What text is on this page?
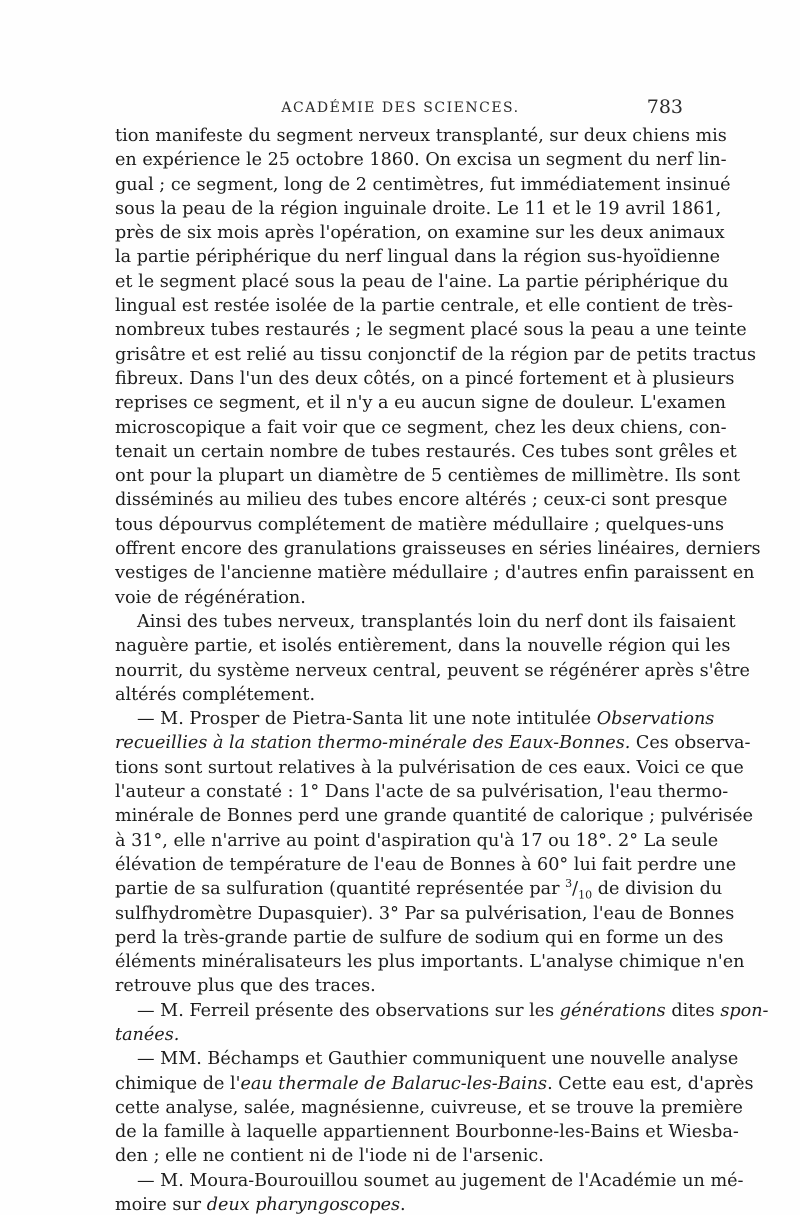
ACADÉMIE DES SCIENCES.	783
tion manifeste du segment nerveux transplanté, sur deux chiens mis
en expérience le 25 octobre 1860. On excisa un segment du nerf lin-
gual ; ce segment, long de 2 centimètres, fut immédiatement insinué
sous la peau de la région inguinale droite. Le 11 et le 19 avril 1861,
près de six mois après l'opération, on examine sur les deux animaux
la partie périphérique du nerf lingual dans la région sus-hyoïdienne
et le segment placé sous la peau de l'aine. La partie périphérique du
lingual est restée isolée de la partie centrale, et elle contient de très-
nombreux tubes restaurés ; le segment placé sous la peau a une teinte
grisâtre et est relié au tissu conjonctif de la région par de petits tractus
fibreux. Dans l'un des deux côtés, on a pincé fortement et à plusieurs
reprises ce segment, et il n'y a eu aucun signe de douleur. L'examen
microscopique a fait voir que ce segment, chez les deux chiens, con-
tenait un certain nombre de tubes restaurés. Ces tubes sont grêles et
ont pour la plupart un diamètre de 5 centièmes de millimètre. Ils sont
disséminés au milieu des tubes encore altérés ; ceux-ci sont presque
tous dépourvus complétement de matière médullaire ; quelques-uns
offrent encore des granulations graisseuses en séries linéaires, derniers
vestiges de l'ancienne matière médullaire ; d'autres enfin paraissent en
voie de régénération.
Ainsi des tubes nerveux, transplantés loin du nerf dont ils faisaient
naguère partie, et isolés entièrement, dans la nouvelle région qui les
nourrit, du système nerveux central, peuvent se régénérer après s'être
altérés complétement.
— M. Prosper de Pietra-Santa lit une note intitulée Observations
recueillies à la station thermo-minérale des Eaux-Bonnes. Ces observa-
tions sont surtout relatives à la pulvérisation de ces eaux. Voici ce que
l'auteur a constaté : 1° Dans l'acte de sa pulvérisation, l'eau thermo-
minérale de Bonnes perd une grande quantité de calorique ; pulvérisée
à 31°, elle n'arrive au point d'aspiration qu'à 17 ou 18°. 2° La seule
élévation de température de l'eau de Bonnes à 60° lui fait perdre une
partie de sa sulfuration (quantité représentée par $^3/_{10}$ de division du
sulfhydromètre Dupasquier). 3° Par sa pulvérisation, l'eau de Bonnes
perd la très-grande partie de sulfure de sodium qui en forme un des
éléments minéralisateurs les plus importants. L'analyse chimique n'en
retrouve plus que des traces.
— M. Ferreil présente des observations sur les générations dites spon-
tanées.
— MM. Béchamps et Gauthier communiquent une nouvelle analyse
chimique de l'eau thermale de Balaruc-les-Bains. Cette eau est, d'après
cette analyse, salée, magnésienne, cuivreuse, et se trouve la première
de la famille à laquelle appartiennent Bourbonne-les-Bains et Wiesba-
den ; elle ne contient ni de l'iode ni de l'arsenic.
— M. Moura-Bourouillou soumet au jugement de l'Académie un mé-
moire sur deux pharyngoscopes.
